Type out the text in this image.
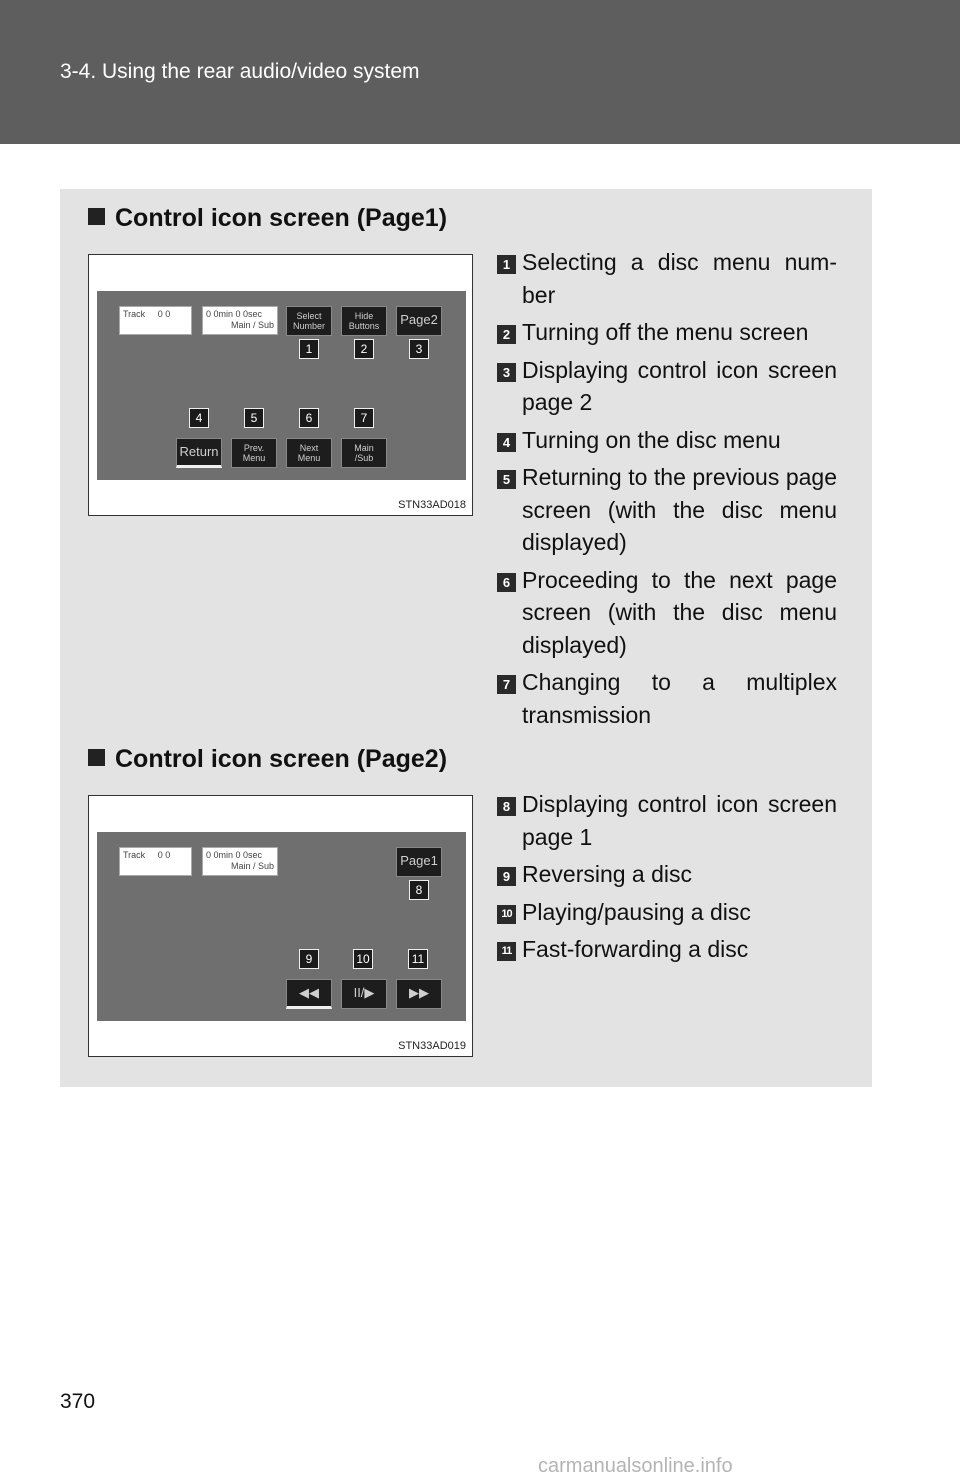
3-4. Using the rear audio/video system
Control icon screen (Page1)
Track 0 0	0 0min 0 0sec
Main / Sub
Select
Number
Hide
Buttons	Page2
1	2	3
4	5	6	7
Return	Prev.
Menu
Next
Menu
Main
/Sub
STN33AD018
1 Selecting a disc menu num-ber
2 Turning off the menu screen
3 Displaying control icon screen page 2
4 Turning on the disc menu
5 Returning to the previous page screen (with the disc menu displayed)
6 Proceeding to the next page screen (with the disc menu displayed)
7 Changing to a multiplex transmission
Control icon screen (Page2)
Track 0 0	0 0min 0 0sec
Main / Sub	Page1
8
9	10	11
◀◀	II/▶	▶▶
STN33AD019
8 Displaying control icon screen page 1
9 Reversing a disc
10 Playing/pausing a disc
11 Fast-forwarding a disc
370
carmanualsonline.info
